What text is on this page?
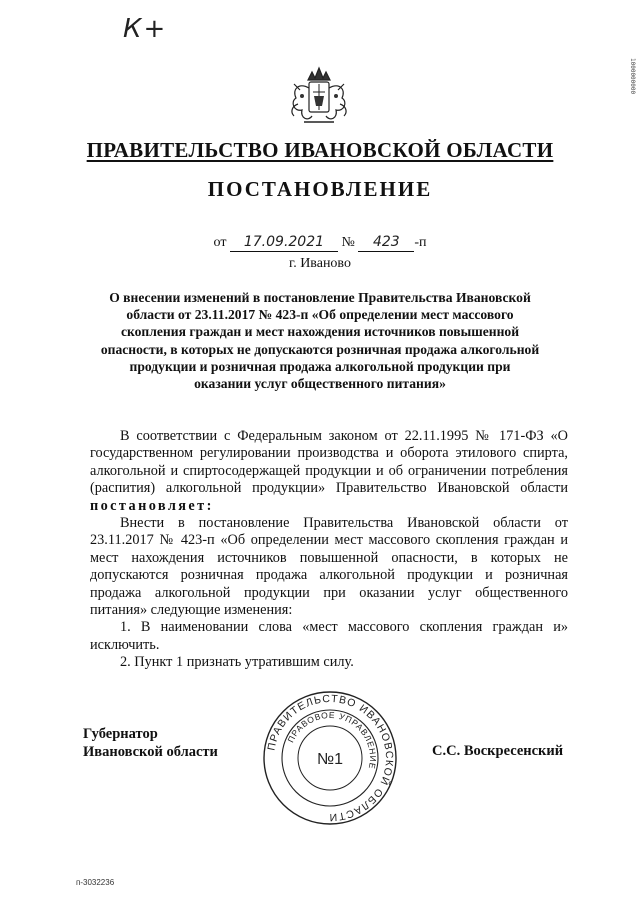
К+
1000000000
ПРАВИТЕЛЬСТВО ИВАНОВСКОЙ ОБЛАСТИ
ПОСТАНОВЛЕНИЕ
от 17.09.2021 № 423 -п
г. Иваново
О внесении изменений в постановление Правительства Ивановской области от 23.11.2017 № 423-п «Об определении мест массового скопления граждан и мест нахождения источников повышенной опасности, в которых не допускаются розничная продажа алкогольной продукции и розничная продажа алкогольной продукции при оказании услуг общественного питания»

В соответствии с Федеральным законом от 22.11.1995 № 171-ФЗ «О государственном регулировании производства и оборота этилового спирта, алкогольной и спиртосодержащей продукции и об ограничении потребления (распития) алкогольной продукции» Правительство Ивановской области постановляет:

Внести в постановление Правительства Ивановской области от 23.11.2017 № 423-п «Об определении мест массового скопления граждан и мест нахождения источников повышенной опасности, в которых не допускаются розничная продажа алкогольной продукции и розничная продажа алкогольной продукции при оказании услуг общественного питания» следующие изменения:

1. В наименовании слова «мест массового скопления граждан и» исключить.

2. Пункт 1 признать утратившим силу.

ПРАВИТЕЛЬСТВО ИВАНОВСКОЙ ОБЛАСТИ
ПРАВОВОЕ УПРАВЛЕНИЕ
№1
Губернатор
Ивановской области	С.С. Воскресенский
п-3032236
